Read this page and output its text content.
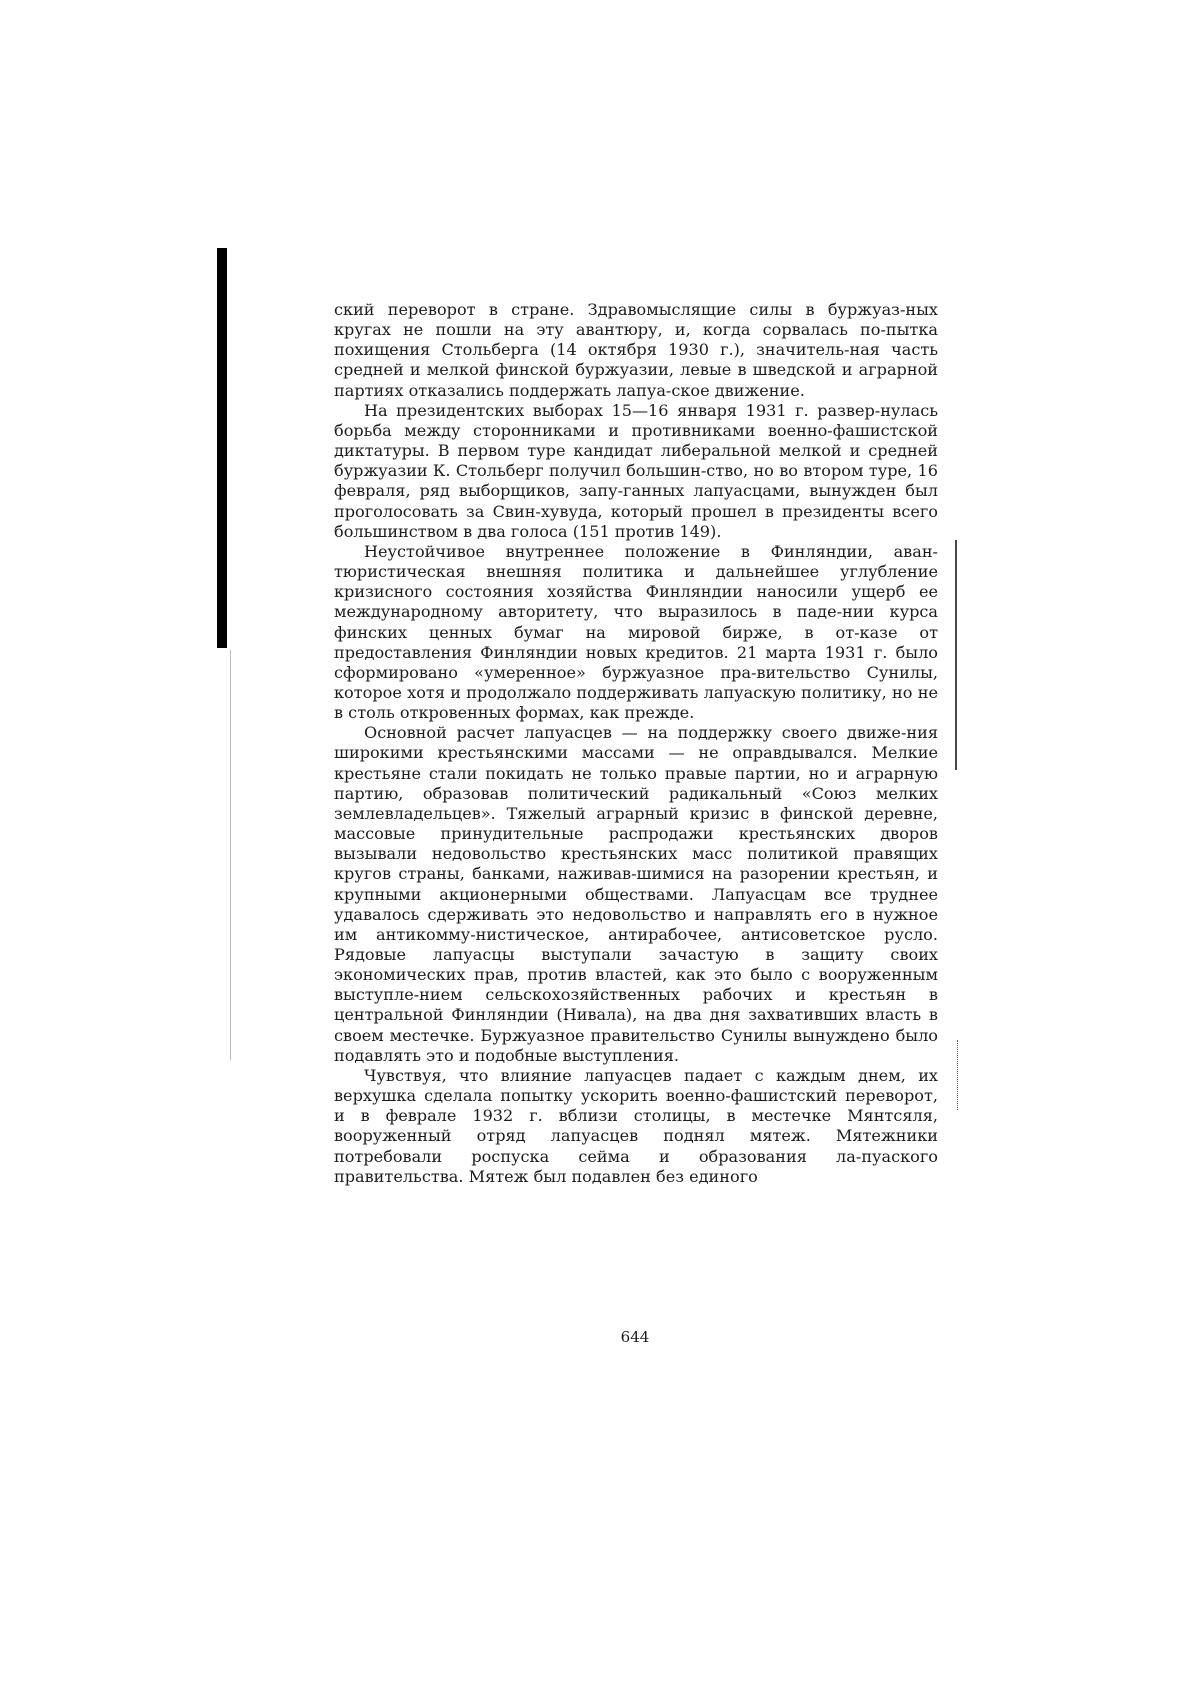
ский переворот в стране. Здравомыслящие силы в буржуаз-ных кругах не пошли на эту авантюру, и, когда сорвалась по-пытка похищения Стольберга (14 октября 1930 г.), значитель-ная часть средней и мелкой финской буржуазии, левые в шведской и аграрной партиях отказались поддержать лапуа-ское движение.

На президентских выборах 15—16 января 1931 г. развер-нулась борьба между сторонниками и противниками военно-фашистской диктатуры. В первом туре кандидат либеральной мелкой и средней буржуазии К. Стольберг получил большин-ство, но во втором туре, 16 февраля, ряд выборщиков, запу-ганных лапуасцами, вынужден был проголосовать за Свин-хувуда, который прошел в президенты всего большинством в два голоса (151 против 149).

Неустойчивое внутреннее положение в Финляндии, аван-тюристическая внешняя политика и дальнейшее углубление кризисного состояния хозяйства Финляндии наносили ущерб ее международному авторитету, что выразилось в паде-нии курса финских ценных бумаг на мировой бирже, в от-казе от предоставления Финляндии новых кредитов. 21 марта 1931 г. было сформировано «умеренное» буржуазное пра-вительство Сунилы, которое хотя и продолжало поддерживать лапуаскую политику, но не в столь откровенных формах, как прежде.

Основной расчет лапуасцев — на поддержку своего движе-ния широкими крестьянскими массами — не оправдывался. Мелкие крестьяне стали покидать не только правые партии, но и аграрную партию, образовав политический радикальный «Союз мелких землевладельцев». Тяжелый аграрный кризис в финской деревне, массовые принудительные распродажи крестьянских дворов вызывали недовольство крестьянских масс политикой правящих кругов страны, банками, наживав-шимися на разорении крестьян, и крупными акционерными обществами. Лапуасцам все труднее удавалось сдерживать это недовольство и направлять его в нужное им антикомму-нистическое, антирабочее, антисоветское русло. Рядовые лапуасцы выступали зачастую в защиту своих экономических прав, против властей, как это было с вооруженным выступле-нием сельскохозяйственных рабочих и крестьян в центральной Финляндии (Нивала), на два дня захвативших власть в своем местечке. Буржуазное правительство Сунилы вынуждено было подавлять это и подобные выступления.

Чувствуя, что влияние лапуасцев падает с каждым днем, их верхушка сделала попытку ускорить военно-фашистский переворот, и в феврале 1932 г. вблизи столицы, в местечке Мянтсяля, вооруженный отряд лапуасцев поднял мятеж. Мятежники потребовали роспуска сейма и образования ла-пуаского правительства. Мятеж был подавлен без единого

644
